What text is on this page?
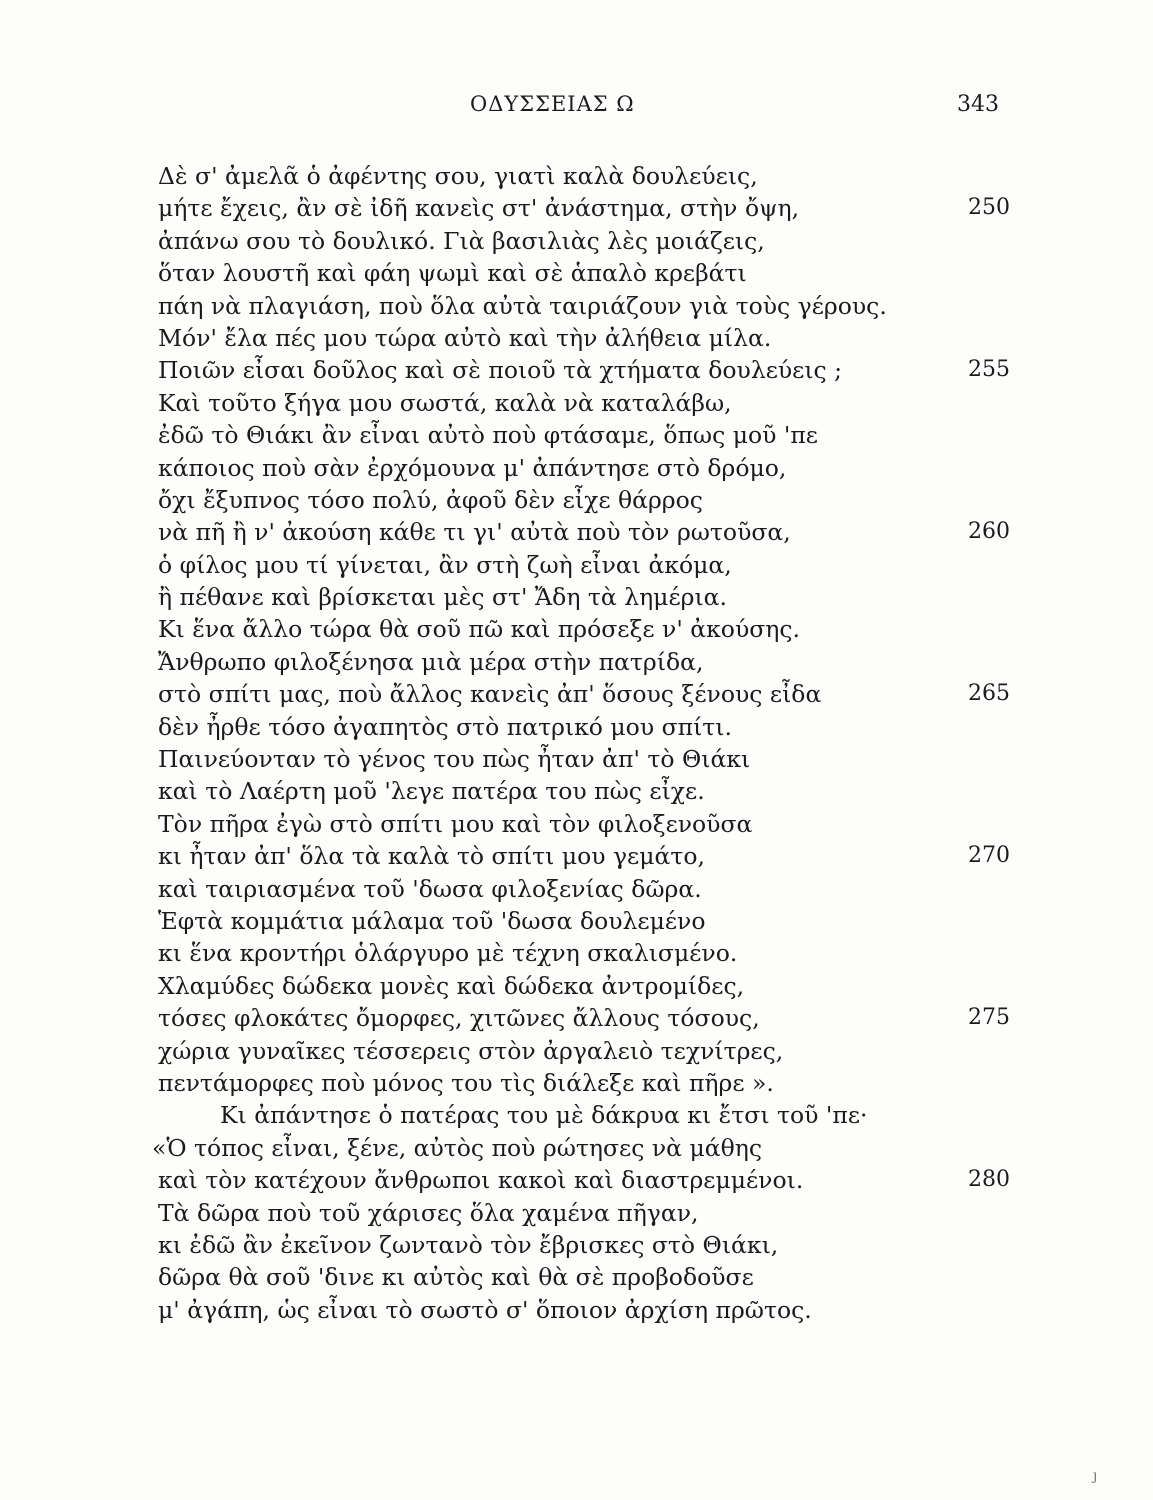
ΟΔΥΣΣΕΙΑΣ Ω	343
Δὲ σ' ἀμελᾶ ὁ ἀφέντης σου, γιατὶ καλὰ δουλεύεις,
μήτε ἔχεις, ἂν σὲ ἰδῆ κανεὶς στ' ἀνάστημα, στὴν ὄψη,	250
ἀπάνω σου τὸ δουλικό. Γιὰ βασιλιὰς λὲς μοιάζεις,
ὅταν λουστῆ καὶ φάη ψωμὶ καὶ σὲ ἁπαλὸ κρεβάτι
πάη νὰ πλαγιάση, ποὺ ὅλα αὐτὰ ταιριάζουν γιὰ τοὺς γέρους.
Μόν' ἔλα πές μου τώρα αὐτὸ καὶ τὴν ἀλήθεια μίλα.
Ποιῶν εἶσαι δοῦλος καὶ σὲ ποιοῦ τὰ χτήματα δουλεύεις ;	255
Καὶ τοῦτο ξήγα μου σωστά, καλὰ νὰ καταλάβω,
ἐδῶ τὸ Θιάκι ἂν εἶναι αὐτὸ ποὺ φτάσαμε, ὅπως μοῦ 'πε
κάποιος ποὺ σὰν ἐρχόμουνα μ' ἀπάντησε στὸ δρόμο,
ὄχι ἔξυπνος τόσο πολύ, ἀφοῦ δὲν εἶχε θάρρος
νὰ πῆ ἢ ν' ἀκούση κάθε τι γι' αὐτὰ ποὺ τὸν ρωτοῦσα,	260
ὁ φίλος μου τί γίνεται, ἂν στὴ ζωὴ εἶναι ἀκόμα,
ἢ πέθανε καὶ βρίσκεται μὲς στ' Ἄδη τὰ λημέρια.
Κι ἕνα ἄλλο τώρα θὰ σοῦ πῶ καὶ πρόσεξε ν' ἀκούσης.
Ἄνθρωπο φιλοξένησα μιὰ μέρα στὴν πατρίδα,
στὸ σπίτι μας, ποὺ ἄλλος κανεὶς ἀπ' ὅσους ξένους εἶδα	265
δὲν ἦρθε τόσο ἀγαπητὸς στὸ πατρικό μου σπίτι.
Παινεύονταν τὸ γένος του πὼς ἦταν ἀπ' τὸ Θιάκι
καὶ τὸ Λαέρτη μοῦ 'λεγε πατέρα του πὼς εἶχε.
Τὸν πῆρα ἐγὼ στὸ σπίτι μου καὶ τὸν φιλοξενοῦσα
κι ἦταν ἀπ' ὅλα τὰ καλὰ τὸ σπίτι μου γεμάτο,	270
καὶ ταιριασμένα τοῦ 'δωσα φιλοξενίας δῶρα.
Ἑφτὰ κομμάτια μάλαμα τοῦ 'δωσα δουλεμένο
κι ἕνα κροντήρι ὁλάργυρο μὲ τέχνη σκαλισμένο.
Χλαμύδες δώδεκα μονὲς καὶ δώδεκα ἀντρομίδες,
τόσες φλοκάτες ὄμορφες, χιτῶνες ἄλλους τόσους,	275
χώρια γυναῖκες τέσσερεις στὸν ἀργαλειὸ τεχνίτρες,
πεντάμορφες ποὺ μόνος του τὶς διάλεξε καὶ πῆρε ».
Κι ἀπάντησε ὁ πατέρας του μὲ δάκρυα κι ἔτσι τοῦ 'πε·
«Ὁ τόπος εἶναι, ξένε, αὐτὸς ποὺ ρώτησες νὰ μάθης
καὶ τὸν κατέχουν ἄνθρωποι κακοὶ καὶ διαστρεμμένοι.	280
Τὰ δῶρα ποὺ τοῦ χάρισες ὅλα χαμένα πῆγαν,
κι ἐδῶ ἂν ἐκεῖνον ζωντανὸ τὸν ἔβρισκες στὸ Θιάκι,
δῶρα θὰ σοῦ 'δινε κι αὐτὸς καὶ θὰ σὲ προβοδοῦσε
μ' ἀγάπη, ὡς εἶναι τὸ σωστὸ σ' ὅποιον ἀρχίση πρῶτος.
ȷ
